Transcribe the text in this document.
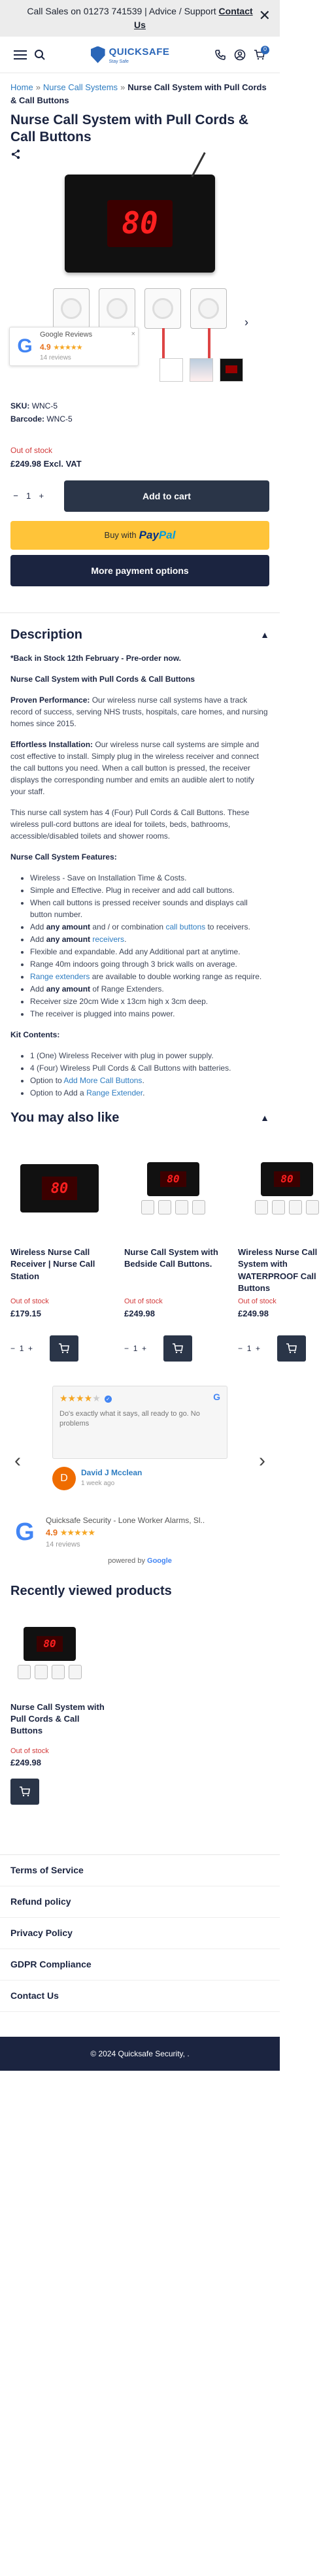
Call Sales on 01273 741539 | Advice / Support Contact Us
✕
QUICKSAFE
Stay Safe
0
Home » Nurse Call Systems » Nurse Call System with Pull Cords & Call Buttons
Nurse Call System with Pull Cords & Call Buttons
80
›
G
Google Reviews
4.9 ★★★★★
14 reviews
×
SKU: WNC-5
Barcode: WNC-5
Out of stock
£249.98 Excl. VAT
− 1 +	Add to cart
Buy with PayPal
More payment options
Description	▲

*Back in Stock 12th February - Pre-order now.

Nurse Call System with Pull Cords & Call Buttons

Proven Performance: Our wireless nurse call systems have a track record of success, serving NHS trusts, hospitals, care homes, and nursing homes since 2015.

Effortless Installation: Our wireless nurse call systems are simple and cost effective to install. Simply plug in the wireless receiver and connect the call buttons you need. When a call button is pressed, the receiver displays the corresponding number and emits an audible alert to notify your staff.

This nurse call system has 4 (Four) Pull Cords & Call Buttons. These wireless pull-cord buttons are ideal for toilets, beds, bathrooms, accessible/disabled toilets and shower rooms.

Nurse Call System Features:

• Wireless - Save on Installation Time & Costs.
• Simple and Effective. Plug in receiver and add call buttons.
• When call buttons is pressed receiver sounds and displays call button number.
• Add any amount and / or combination call buttons to receivers.
• Add any amount receivers.
• Flexible and expandable. Add any Additional part at anytime.
• Range 40m indoors going through 3 brick walls on average.
• Range extenders are available to double working range as require.
• Add any amount of Range Extenders.
• Receiver size 20cm Wide x 13cm high x 3cm deep.
• The receiver is plugged into mains power.

Kit Contents:

• 1 (One) Wireless Receiver with plug in power supply.
• 4 (Four) Wireless Pull Cords & Call Buttons with batteries.
• Option to Add More Call Buttons.
• Option to Add a Range Extender.
You may also like	▲
80
Wireless Nurse Call Receiver | Nurse Call Station
Out of stock
£179.15
−  1  +
80
Nurse Call System with Bedside Call Buttons.
Out of stock
£249.98
−  1  +
80
Wireless Nurse Call System with WATERPROOF Call Buttons
Out of stock
£249.98
−  1  +
★★★★★ ✓	G
Do's exactly what it says, all ready to go. No problems
D	David J Mcclean
1 week ago
‹	›
G	Quicksafe Security - Lone Worker Alarms, Sl..
4.9 ★★★★★
14 reviews
powered by Google
Recently viewed products
80
Nurse Call System with Pull Cords & Call Buttons
Out of stock
£249.98
Terms of Service
Refund policy
Privacy Policy
GDPR Compliance
Contact Us
© 2024 Quicksafe Security, .
